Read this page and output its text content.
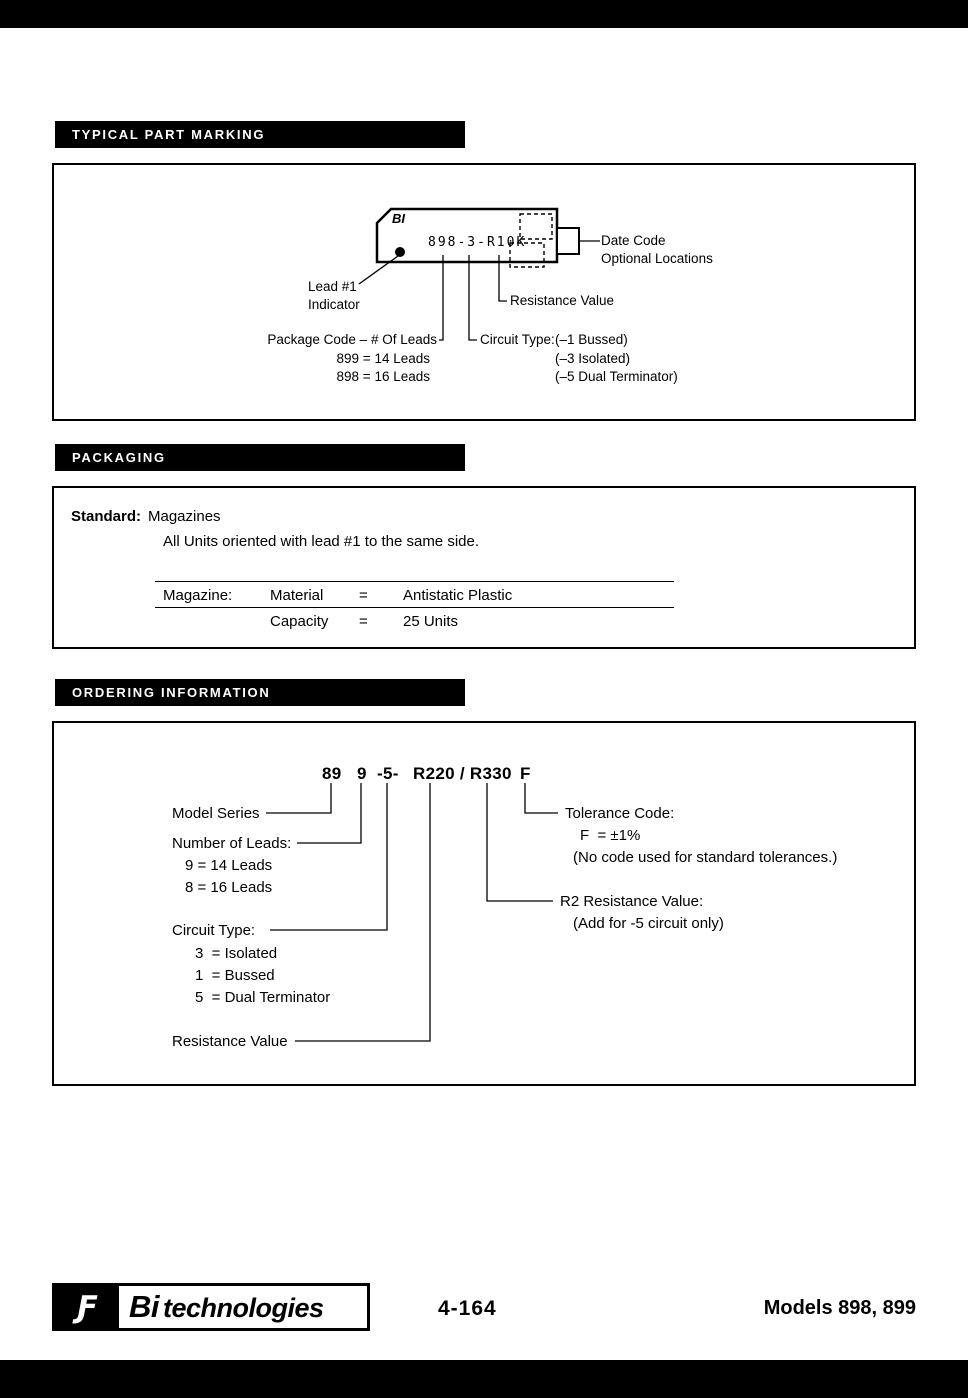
TYPICAL PART MARKING
BI
898-3-R10K	Date Code
Optional Locations
Lead #1
Indicator	Resistance Value
Package Code – # Of Leads
899 = 14 Leads
898 = 16 Leads
Circuit Type: (–1 Bussed)
(–3 Isolated)
(–5 Dual Terminator)
PACKAGING
Standard: Magazines
All Units oriented with lead #1 to the same side.
Magazine:	Material = Antistatic Plastic
Capacity = 25 Units
ORDERING INFORMATION
89 9 -5- R220 / R330 F
Model Series
Number of Leads:
9 = 14 Leads
8 = 16 Leads
Circuit Type:
3  = Isolated
1  = Bussed
5  = Dual Terminator
Resistance Value
Tolerance Code:
F  = ±1%
(No code used for standard tolerances.)
R2 Resistance Value:
(Add for -5 circuit only)
Ƒ Bi technologies	4-164	Models 898, 899
